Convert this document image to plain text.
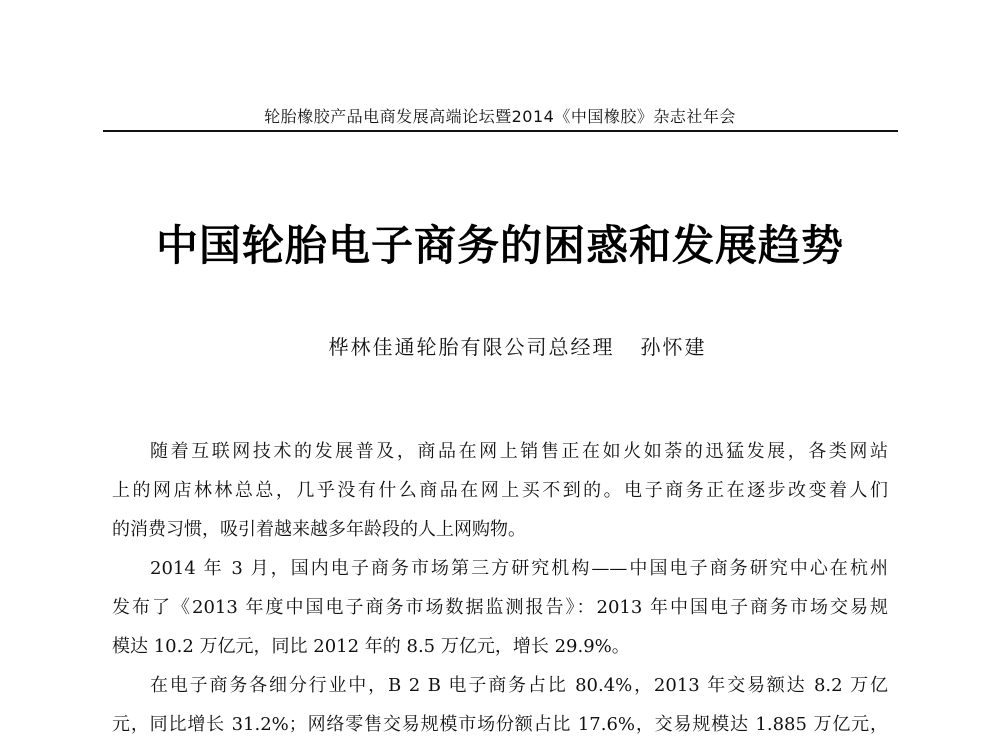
轮胎橡胶产品电商发展高端论坛暨2014《中国橡胶》杂志社年会
中国轮胎电子商务的困惑和发展趋势
桦林佳通轮胎有限公司总经理 孙怀建
随着互联网技术的发展普及，商品在网上销售正在如火如荼的迅猛发展，各类网站
上的网店林林总总，几乎没有什么商品在网上买不到的。电子商务正在逐步改变着人们
的消费习惯，吸引着越来越多年龄段的人上网购物。
2014 年 3 月，国内电子商务市场第三方研究机构——中国电子商务研究中心在杭州
发布了《2013 年度中国电子商务市场数据监测报告》：2013 年中国电子商务市场交易规
模达 10.2 万亿元，同比 2012 年的 8.5 万亿元，增长 29.9%。
在电子商务各细分行业中，B 2 B 电子商务占比 80.4%，2013 年交易额达 8.2 万亿
元，同比增长 31.2%；网络零售交易规模市场份额占比 17.6%，交易规模达 1.885 万亿元，
